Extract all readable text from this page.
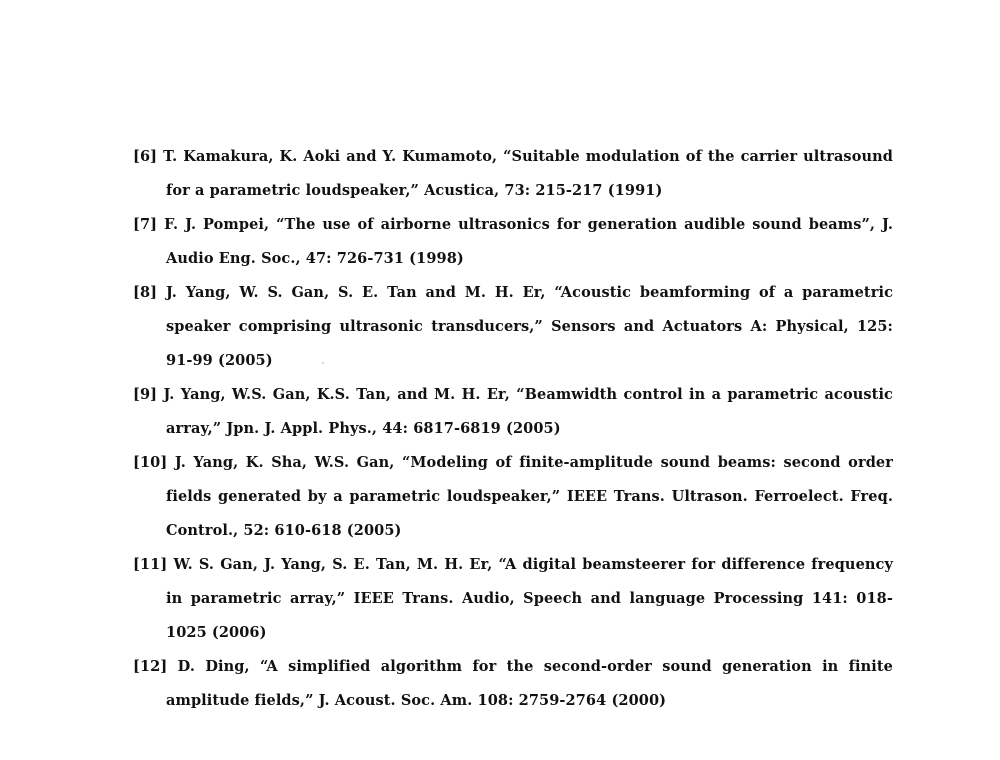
[6] T. Kamakura, K. Aoki and Y. Kumamoto, “Suitable modulation of the carrier ultrasound for a parametric loudspeaker,” Acustica, 73: 215-217 (1991)

[7] F. J. Pompei, “The use of airborne ultrasonics for generation audible sound beams”, J. Audio Eng. Soc., 47: 726-731 (1998)

[8] J. Yang, W. S. Gan, S. E. Tan and M. H. Er, “Acoustic beamforming of a parametric speaker comprising ultrasonic transducers,” Sensors and Actuators A: Physical, 125: 91-99 (2005)

[9] J. Yang, W.S. Gan, K.S. Tan, and M. H. Er, “Beamwidth control in a parametric acoustic array,” Jpn. J. Appl. Phys., 44: 6817-6819 (2005)

[10] J. Yang, K. Sha, W.S. Gan, “Modeling of finite-amplitude sound beams: second order fields generated by a parametric loudspeaker,” IEEE Trans. Ultrason. Ferroelect. Freq. Control., 52: 610-618 (2005)

[11] W. S. Gan, J. Yang, S. E. Tan, M. H. Er, “A digital beamsteerer for difference frequency in parametric array,” IEEE Trans. Audio, Speech and language Processing 141: 018-1025 (2006)

[12] D. Ding, “A simplified algorithm for the second-order sound generation in finite amplitude fields,” J. Acoust. Soc. Am. 108: 2759-2764 (2000)
